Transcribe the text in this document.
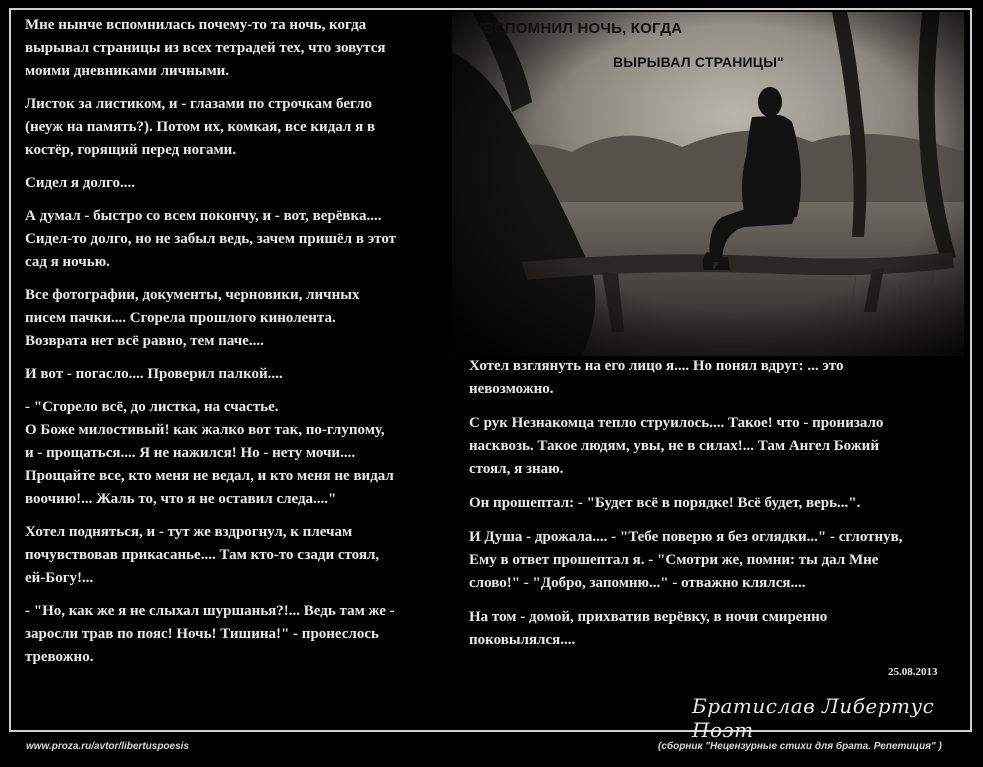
Мне нынче вспомнилась почему-то та ночь, когда
вырывал страницы из всех тетрадей тех, что зовутся
моими дневниками личными.

Листок за листиком, и - глазами по строчкам бегло
(неуж на память?). Потом их, комкая, все кидал я в
костёр, горящий перед ногами.

Сидел я долго....

А думал - быстро со всем покончу, и - вот, верёвка....
Сидел-то долго, но не забыл ведь, зачем пришёл в этот
сад я ночью.

Все фотографии, документы, черновики, личных
писем пачки.... Сгорела прошлого кинолента.
Возврата нет всё равно, тем паче....

И вот - погасло.... Проверил палкой....

- "Сгорело всё, до листка, на счастье.
О Боже милостивый! как жалко вот так, по-глупому,
и - прощаться.... Я не нажился! Но - нету мочи....
Прощайте все, кто меня не ведал, и кто меня не видал
воочию!... Жаль то, что я не оставил следа...."

Хотел подняться, и - тут же вздрогнул, к плечам
почувствовав прикасанье.... Там кто-то сзади стоял,
ей-Богу!...

- "Но, как же я не слыхал шуршанья?!... Ведь там же -
заросли трав по пояс! Ночь! Тишина!" - пронеслось
тревожно.

"ВСПОМНИЛ НОЧЬ, КОГДА
ВЫРЫВАЛ СТРАНИЦЫ"

Хотел взглянуть на его лицо я.... Но понял вдруг: ... это
невозможно.

С рук Незнакомца тепло струилось.... Такое! что - пронизало
насквозь. Такое людям, увы, не в силах!... Там Ангел Божий
стоял, я знаю.

Он прошептал: - "Будет всё в порядке! Всё будет, верь...".

И Душа - дрожала.... - "Тебе поверю я без оглядки..." - сглотнув,
Ему в ответ прошептал я. - "Смотри же, помни: ты дал Мне
слово!" - "Добро, запомню..." - отважно клялся....

На том - домой, прихватив верёвку, в ночи смиренно
поковылялся....

25.08.2013
Братислав Либертус Поэт
www.proza.ru/avtor/libertuspoesis	(сборник "Нецензурные стихи для брата. Репетиция" )
